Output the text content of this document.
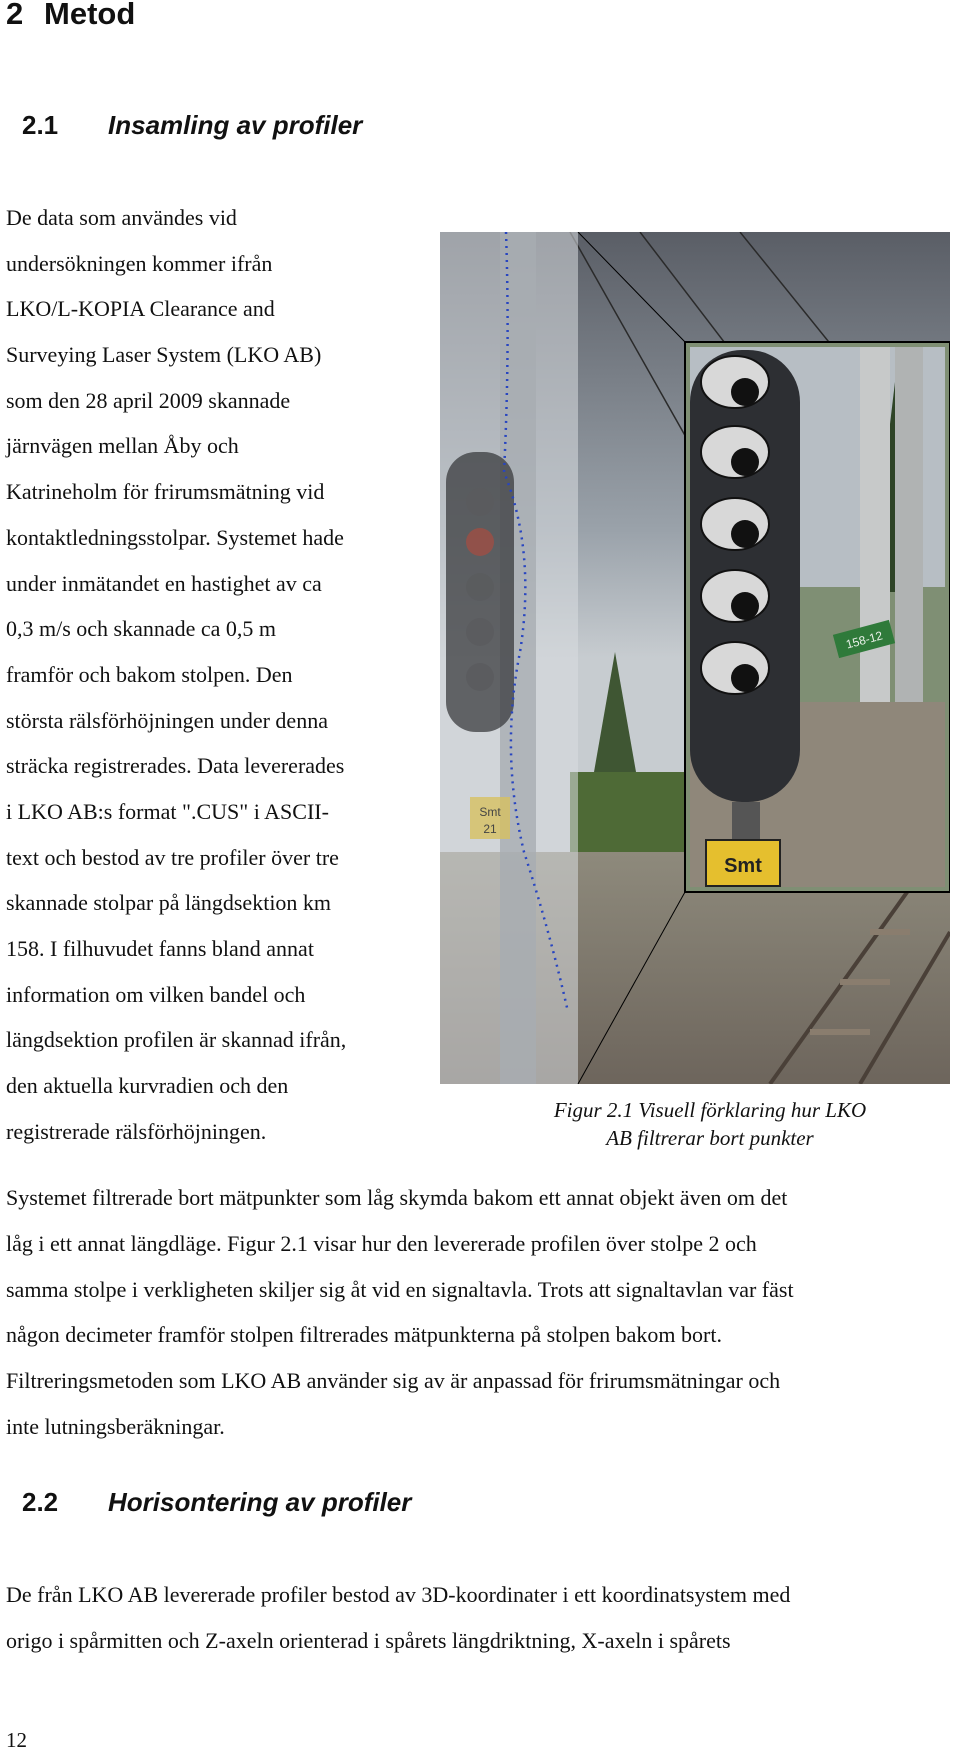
2 Metod
2.1 Insamling av profiler
De data som användes vid
undersökningen kommer ifrån
LKO/L-KOPIA Clearance and
Surveying Laser System (LKO AB)
som den 28 april 2009 skannade
järnvägen mellan Åby och
Katrineholm för frirumsmätning vid
kontaktledningsstolpar. Systemet hade
under inmätandet en hastighet av ca
0,3 m/s och skannade ca 0,5 m
framför och bakom stolpen. Den
största rälsförhöjningen under denna
sträcka registrerades. Data levererades
i LKO AB:s format ".CUS" i ASCII-
text och bestod av tre profiler över tre
skannade stolpar på längdsektion km
158. I filhuvudet fanns bland annat
information om vilken bandel och
längdsektion profilen är skannad ifrån,
den aktuella kurvradien och den
registrerade rälsförhöjningen.
Smt
21
Smt
158-12
Figur 2.1 Visuell förklaring hur LKO
AB filtrerar bort punkter
Systemet filtrerade bort mätpunkter som låg skymda bakom ett annat objekt även om det
låg i ett annat längdläge. Figur 2.1 visar hur den levererade profilen över stolpe 2 och
samma stolpe i verkligheten skiljer sig åt vid en signaltavla. Trots att signaltavlan var fäst
någon decimeter framför stolpen filtrerades mätpunkterna på stolpen bakom bort.
Filtreringsmetoden som LKO AB använder sig av är anpassad för frirumsmätningar och
inte lutningsberäkningar.
2.2 Horisontering av profiler
De från LKO AB levererade profiler bestod av 3D-koordinater i ett koordinatsystem med
origo i spårmitten och Z-axeln orienterad i spårets längdriktning, X-axeln i spårets
12
